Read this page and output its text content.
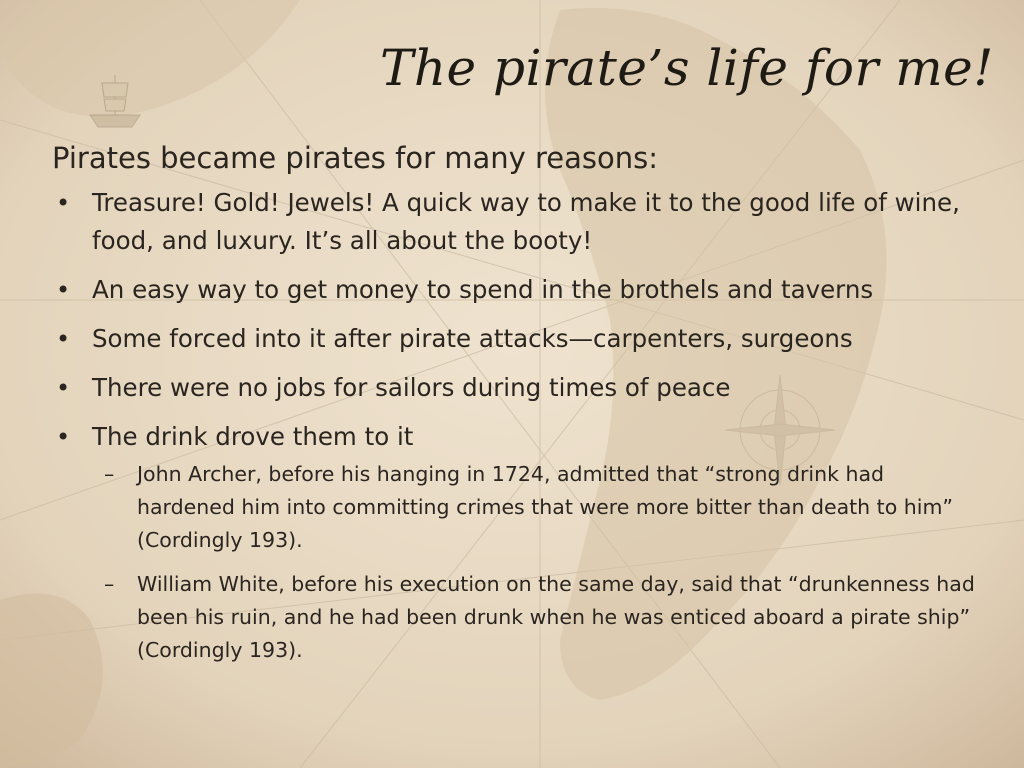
The pirate’s life for me!
Pirates became pirates for many reasons:
• Treasure! Gold! Jewels! A quick way to make it to the good life of wine, food, and luxury. It’s all about the booty!
• An easy way to get money to spend in the brothels and taverns
• Some forced into it after pirate attacks—carpenters, surgeons
• There were no jobs for sailors during times of peace
• The drink drove them to it
– John Archer, before his hanging in 1724, admitted that “strong drink had hardened him into committing crimes that were more bitter than death to him” (Cordingly 193).
– William White, before his execution on the same day, said that “drunkenness had been his ruin, and he had been drunk when he was enticed aboard a pirate ship” (Cordingly 193).
